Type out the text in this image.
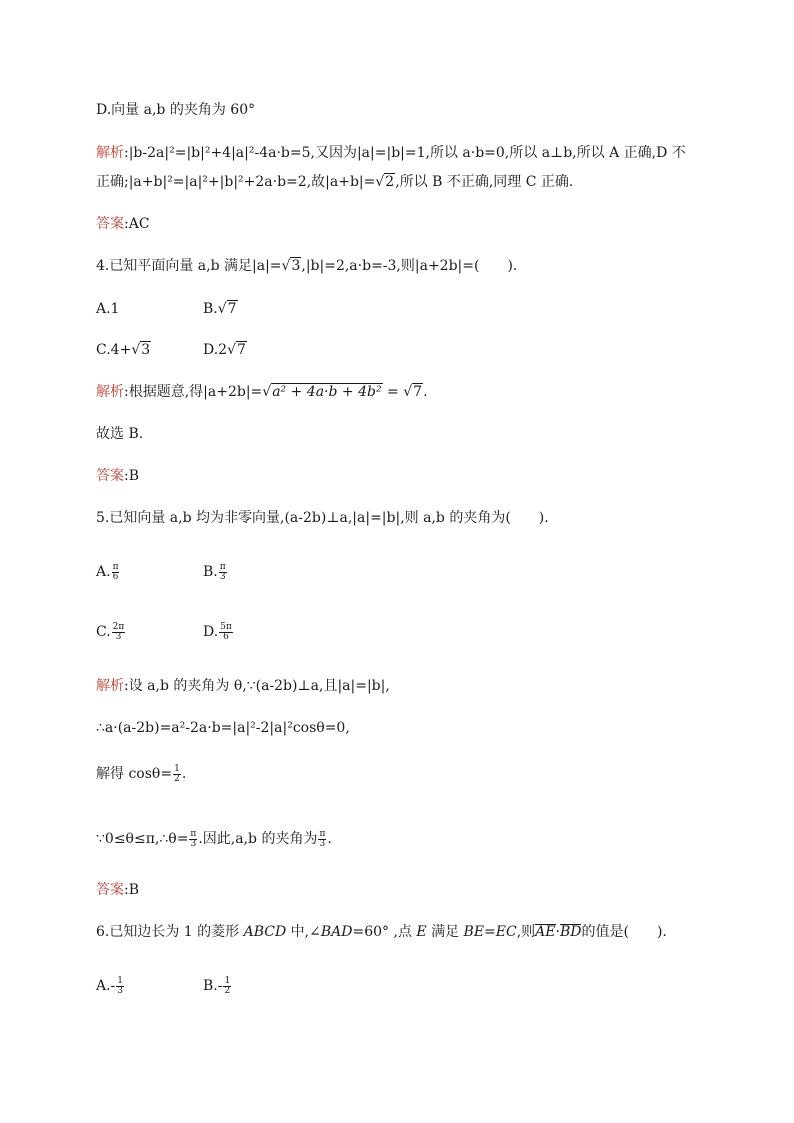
D.向量 a,b 的夹角为 60°
解析:|b-2a|²=|b|²+4|a|²-4a·b=5,又因为|a|=|b|=1,所以 a·b=0,所以 a⊥b,所以 A 正确,D 不
正确;|a+b|²=|a|²+|b|²+2a·b=2,故|a+b|=√2,所以 B 不正确,同理 C 正确.
答案:AC
4.已知平面向量 a,b 满足|a|=√3,|b|=2,a·b=-3,则|a+2b|=(　　).
A.1	B.√7
C.4+√3	D.2√7
解析:根据题意,得|a+2b|=√a² + 4a·b + 4b² = √7.
故选 B.
答案:B
5.已知向量 a,b 均为非零向量,(a-2b)⊥a,|a|=|b|,则 a,b 的夹角为(　　).
A. $\frac{\pi}{6}$	B. $\frac{\pi}{3}$
C. $\frac{2\pi}{3}$	D. $\frac{5\pi}{6}$
解析:设 a,b 的夹角为 θ,∵(a-2b)⊥a,且|a|=|b|,
∴a·(a-2b)=a²-2a·b=|a|²-2|a|²cosθ=0,
解得 $\cos\theta= \frac{1}{2}$ .
∵0≤θ≤π,∴θ= $\frac{\pi}{3}$ .因此,a,b 的夹角为 $\frac{\pi}{3}$ .
答案:B
6.已知边长为 1 的菱形 ABCD 中,∠BAD=60° ,点 E 满足 BE=EC,则AE·BD的值是(　　).
$A.- \frac{1}{3}$	$B.- \frac{1}{2}$
